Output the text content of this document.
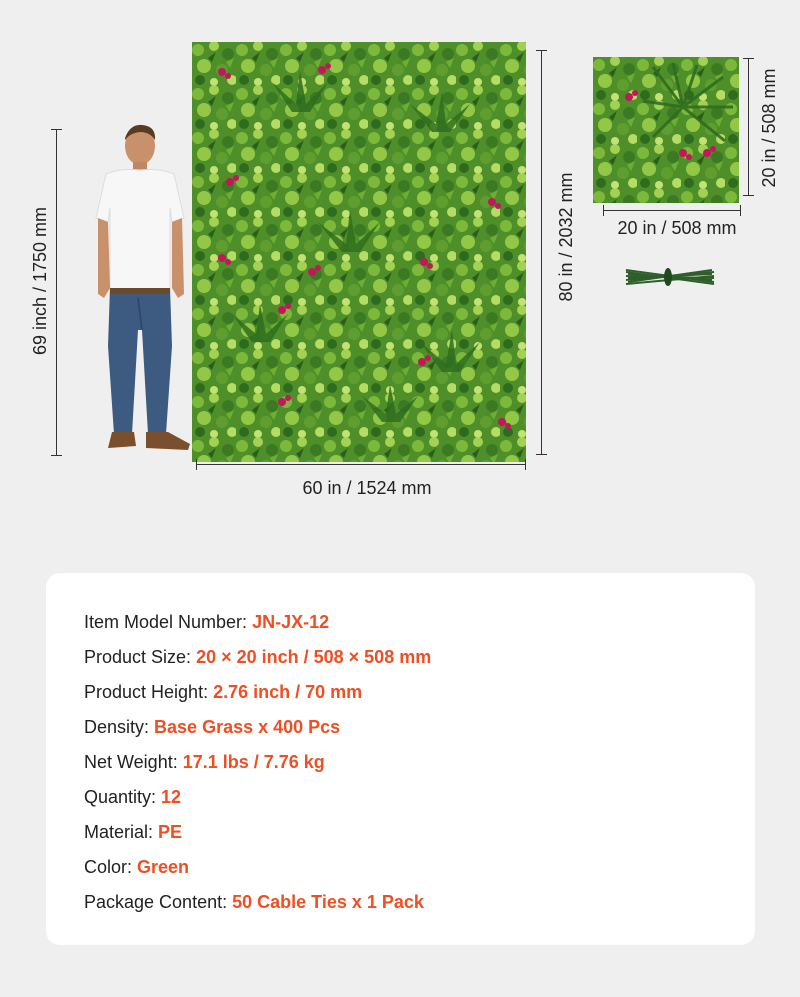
69 inch / 1750 mm	80 in / 2032 mm
60 in / 1524 mm
20 in / 508 mm
20 in / 508 mm
Item Model Number: JN-JX-12
Product Size: 20 × 20 inch / 508 × 508 mm
Product Height: 2.76 inch / 70 mm
Density: Base Grass x 400 Pcs
Net Weight: 17.1 lbs / 7.76 kg
Quantity: 12
Material: PE
Color: Green
Package Content: 50 Cable Ties x 1 Pack
